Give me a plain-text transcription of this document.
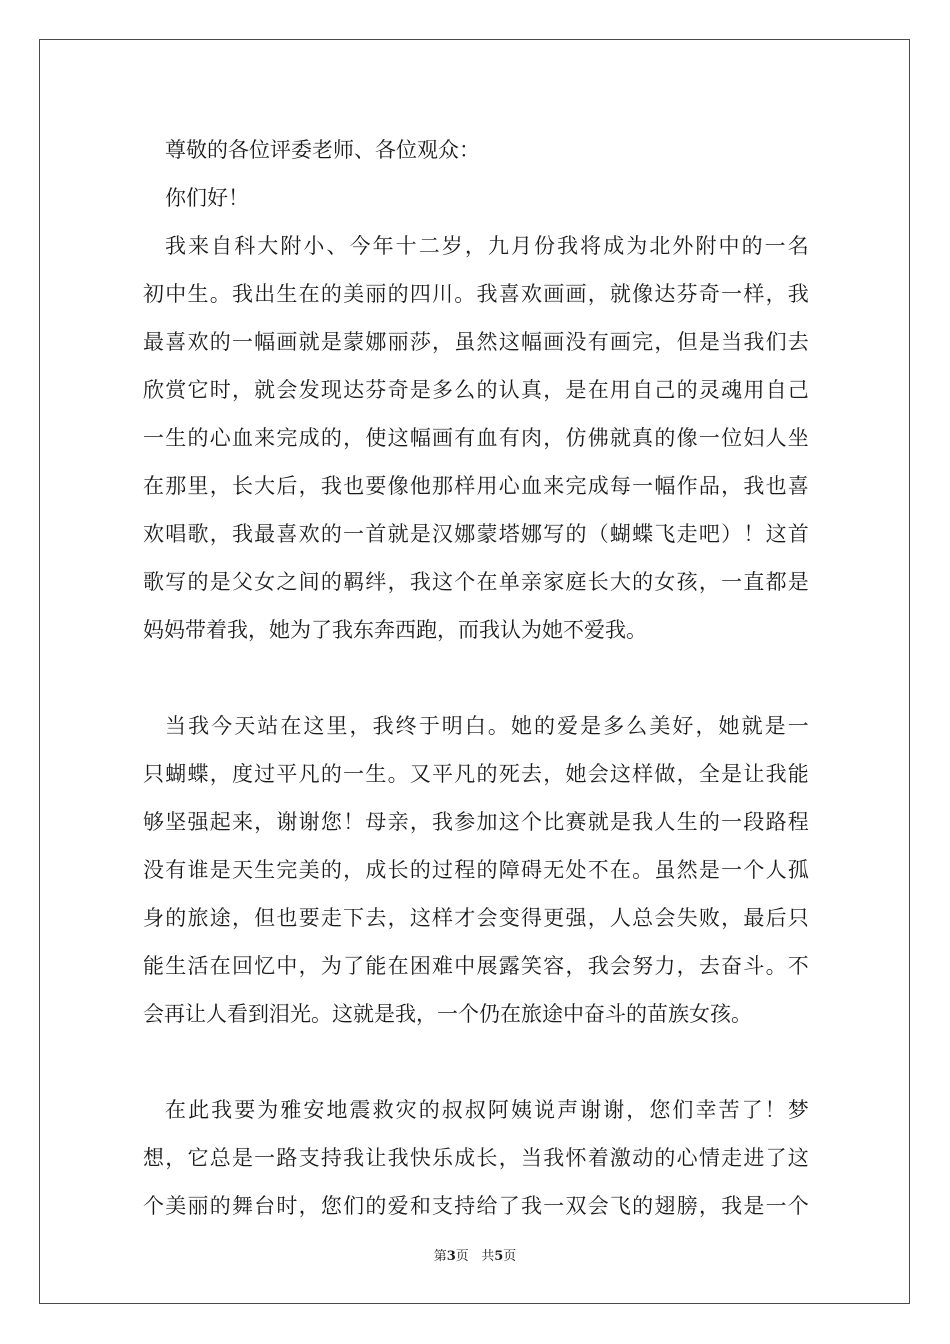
尊敬的各位评委老师、各位观众：
你们好！
我 来 自 科 大 附 小 、 今 年 十 二 岁 ， 九 月 份 我 将 成 为 北 外 附 中 的 一 名
初 中 生 。 我 出 生 在 的 美 丽 的 四 川 。 我 喜 欢 画 画 ， 就 像 达 芬 奇 一 样 ， 我
最 喜 欢 的 一 幅 画 就 是 蒙 娜 丽 莎 ， 虽 然 这 幅 画 没 有 画 完 ， 但 是 当 我 们 去
欣 赏 它 时 ， 就 会 发 现 达 芬 奇 是 多 么 的 认 真 ， 是 在 用 自 己 的 灵 魂 用 自 己
一 生 的 心 血 来 完 成 的 ， 使 这 幅 画 有 血 有 肉 ， 仿 佛 就 真 的 像 一 位 妇 人 坐
在 那 里 ， 长 大 后 ， 我 也 要 像 他 那 样 用 心 血 来 完 成 每 一 幅 作 品 ， 我 也 喜
欢 唱 歌 ， 我 最 喜 欢 的 一 首 就 是 汉 娜 蒙 塔 娜 写 的 （ 蝴 蝶 飞 走 吧 ） ！ 这 首
歌 写 的 是 父 女 之 间 的 羁 绊 ， 我 这 个 在 单 亲 家 庭 长 大 的 女 孩 ， 一 直 都 是
妈妈带着我，她为了我东奔西跑，而我认为她不爱我。
当 我 今 天 站 在 这 里 ， 我 终 于 明 白 。 她 的 爱 是 多 么 美 好 ， 她 就 是 一
只 蝴 蝶 ， 度 过 平 凡 的 一 生 。 又 平 凡 的 死 去 ， 她 会 这 样 做 ， 全 是 让 我 能
够 坚 强 起 来 ， 谢 谢 您 ！ 母 亲 ， 我 参 加 这 个 比 赛 就 是 我 人 生 的 一 段 路 程
没 有 谁 是 天 生 完 美 的 ， 成 长 的 过 程 的 障 碍 无 处 不 在 。 虽 然 是 一 个 人 孤
身 的 旅 途 ， 但 也 要 走 下 去 ， 这 样 才 会 变 得 更 强 ， 人 总 会 失 败 ， 最 后 只
能 生 活 在 回 忆 中 ， 为 了 能 在 困 难 中 展 露 笑 容 ， 我 会 努 力 ， 去 奋 斗 。 不
会再让人看到泪光。这就是我，一个仍在旅途中奋斗的苗族女孩。
在 此 我 要 为 雅 安 地 震 救 灾 的 叔 叔 阿 姨 说 声 谢 谢 ， 您 们 幸 苦 了 ！ 梦
想 ， 它 总 是 一 路 支 持 我 让 我 快 乐 成 长 ， 当 我 怀 着 激 动 的 心 情 走 进 了 这
个 美 丽 的 舞 台 时 ， 您 们 的 爱 和 支 持 给 了 我 一 双 会 飞 的 翅 膀 ， 我 是 一 个
第3页 共5页
